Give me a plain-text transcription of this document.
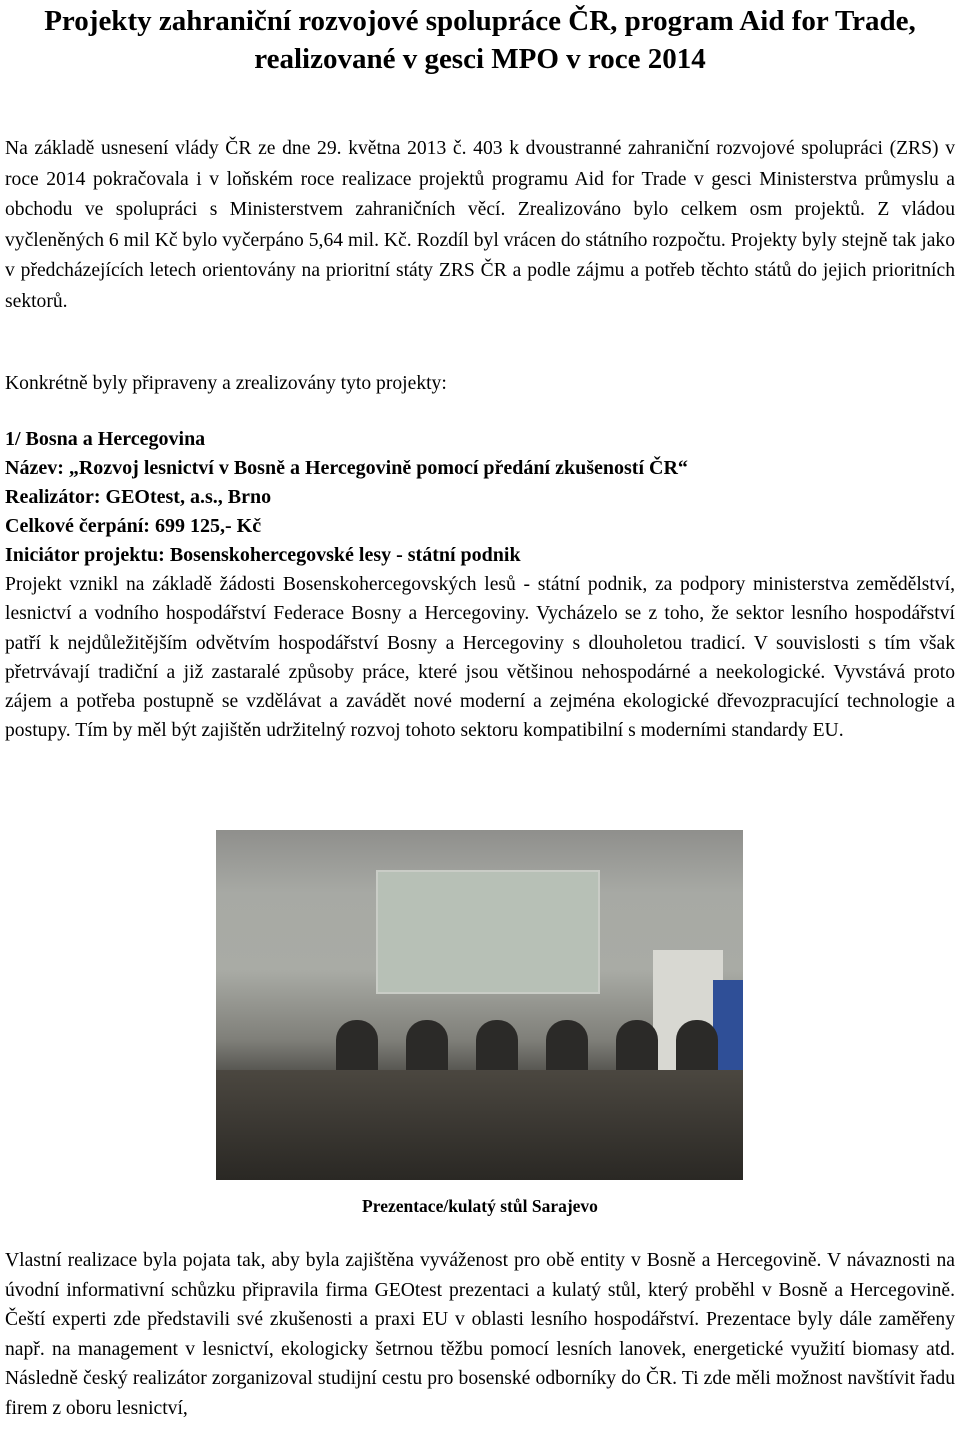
Projekty zahraniční rozvojové spolupráce ČR, program Aid for Trade, realizované v gesci MPO v roce 2014

Na základě usnesení vlády ČR ze dne 29. května 2013 č. 403 k dvoustranné zahraniční rozvojové spolupráci (ZRS) v roce 2014 pokračovala i v loňském roce realizace projektů programu Aid for Trade v gesci Ministerstva průmyslu a obchodu ve spolupráci s Ministerstvem zahraničních věcí. Zrealizováno bylo celkem osm projektů. Z vládou vyčleněných 6 mil Kč bylo vyčerpáno 5,64 mil. Kč. Rozdíl byl vrácen do státního rozpočtu. Projekty byly stejně tak jako v předcházejících letech orientovány na prioritní státy ZRS ČR a podle zájmu a potřeb těchto států do jejich prioritních sektorů.

Konkrétně byly připraveny a zrealizovány tyto projekty:

1/ Bosna a Hercegovina
Název: „Rozvoj lesnictví v Bosně a Hercegovině pomocí předání zkušeností ČR“
Realizátor: GEOtest, a.s., Brno
Celkové čerpání: 699 125,- Kč
Iniciátor projektu: Bosenskohercegovské lesy - státní podnik

Projekt vznikl na základě žádosti Bosenskohercegovských lesů - státní podnik, za podpory ministerstva zemědělství, lesnictví a vodního hospodářství Federace Bosny a Hercegoviny. Vycházelo se z toho, že sektor lesního hospodářství patří k nejdůležitějším odvětvím hospodářství Bosny a Hercegoviny s dlouholetou tradicí. V souvislosti s tím však přetrvávají tradiční a již zastaralé způsoby práce, které jsou většinou nehospodárné a neekologické. Vyvstává proto zájem a potřeba postupně se vzdělávat a zavádět nové moderní a zejména ekologické dřevozpracující technologie a postupy. Tím by měl být zajištěn udržitelný rozvoj tohoto sektoru kompatibilní s moderními standardy EU.

Prezentace/kulatý stůl Sarajevo

Vlastní realizace byla pojata tak, aby byla zajištěna vyváženost pro obě entity v Bosně a Hercegovině. V návaznosti na úvodní informativní schůzku připravila firma GEOtest prezentaci a kulatý stůl, který proběhl v Bosně a Hercegovině. Čeští experti zde představili své zkušenosti a praxi EU v oblasti lesního hospodářství. Prezentace byly dále zaměřeny např. na management v lesnictví, ekologicky šetrnou těžbu pomocí lesních lanovek, energetické využití biomasy atd. Následně český realizátor zorganizoval studijní cestu pro bosenské odborníky do ČR. Ti zde měli možnost navštívit řadu firem z oboru lesnictví,
